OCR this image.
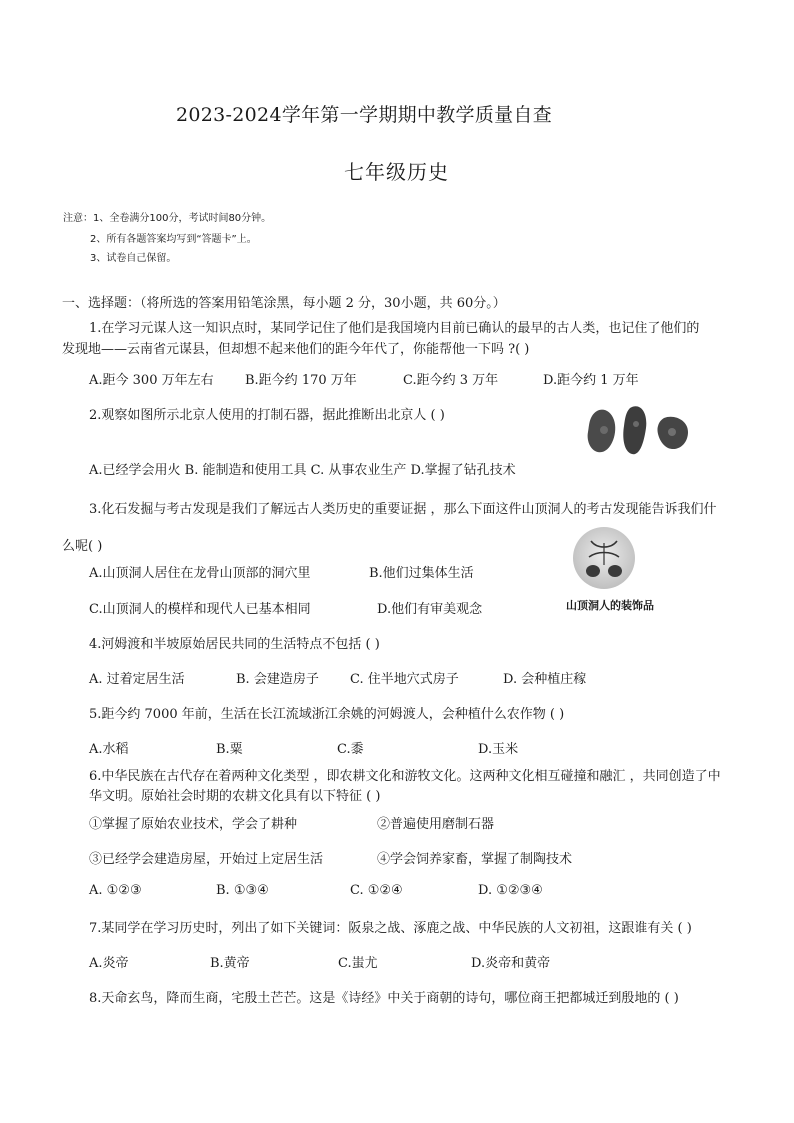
2023-2024学年第一学期期中教学质量自查
七年级历史
注意：1、全卷满分100分，考试时间80分钟。
2、所有各题答案均写到“答题卡”上。
3、试卷自己保留。
一、选择题：（将所选的答案用铅笔涂黑，每小题 2 分，30小题，共 60分。）
1.在学习元谋人这一知识点时，某同学记住了他们是我国境内目前已确认的最早的古人类，也记住了他们的
发现地——云南省元谋县，但却想不起来他们的距今年代了，你能帮他一下吗 ?( )
A.距今 300 万年左右 B.距今约 170 万年	C.距今约 3 万年	D.距今约 1 万年
2.观察如图所示北京人使用的打制石器，据此推断出北京人 ( )
A.已经学会用火 B. 能制造和使用工具 C. 从事农业生产 D.掌握了钻孔技术
3.化石发掘与考古发现是我们了解远古人类历史的重要证据 ，那么下面这件山顶洞人的考古发现能告诉我们什
么呢( )
A.山顶洞人居住在龙骨山顶部的洞穴里	B.他们过集体生活
C.山顶洞人的模样和现代人已基本相同	D.他们有审美观念	山顶洞人的装饰品
4.河姆渡和半坡原始居民共同的生活特点不包括 ( )
A. 过着定居生活	B. 会建造房子 C. 住半地穴式房子	D. 会种植庄稼
5.距今约 7000 年前，生活在长江流域浙江余姚的河姆渡人，会种植什么农作物 ( )
A.水稻	B.粟	C.黍	D.玉米
6.中华民族在古代存在着两种文化类型 ，即农耕文化和游牧文化。这两种文化相互碰撞和融汇 ，共同创造了中
华文明。原始社会时期的农耕文化具有以下特征 ( )
①掌握了原始农业技术，学会了耕种	②普遍使用磨制石器
③已经学会建造房屋，开始过上定居生活	④学会饲养家畜，掌握了制陶技术
A. ①②③	B. ①③④	C. ①②④	D. ①②③④
7.某同学在学习历史时，列出了如下关键词：阪泉之战、涿鹿之战、中华民族的人文初祖，这跟谁有关 ( )
A.炎帝	B.黄帝	C.蚩尤	D.炎帝和黄帝
8.天命玄鸟，降而生商，宅殷土芒芒。这是《诗经》中关于商朝的诗句，哪位商王把都城迁到殷地的 ( )
